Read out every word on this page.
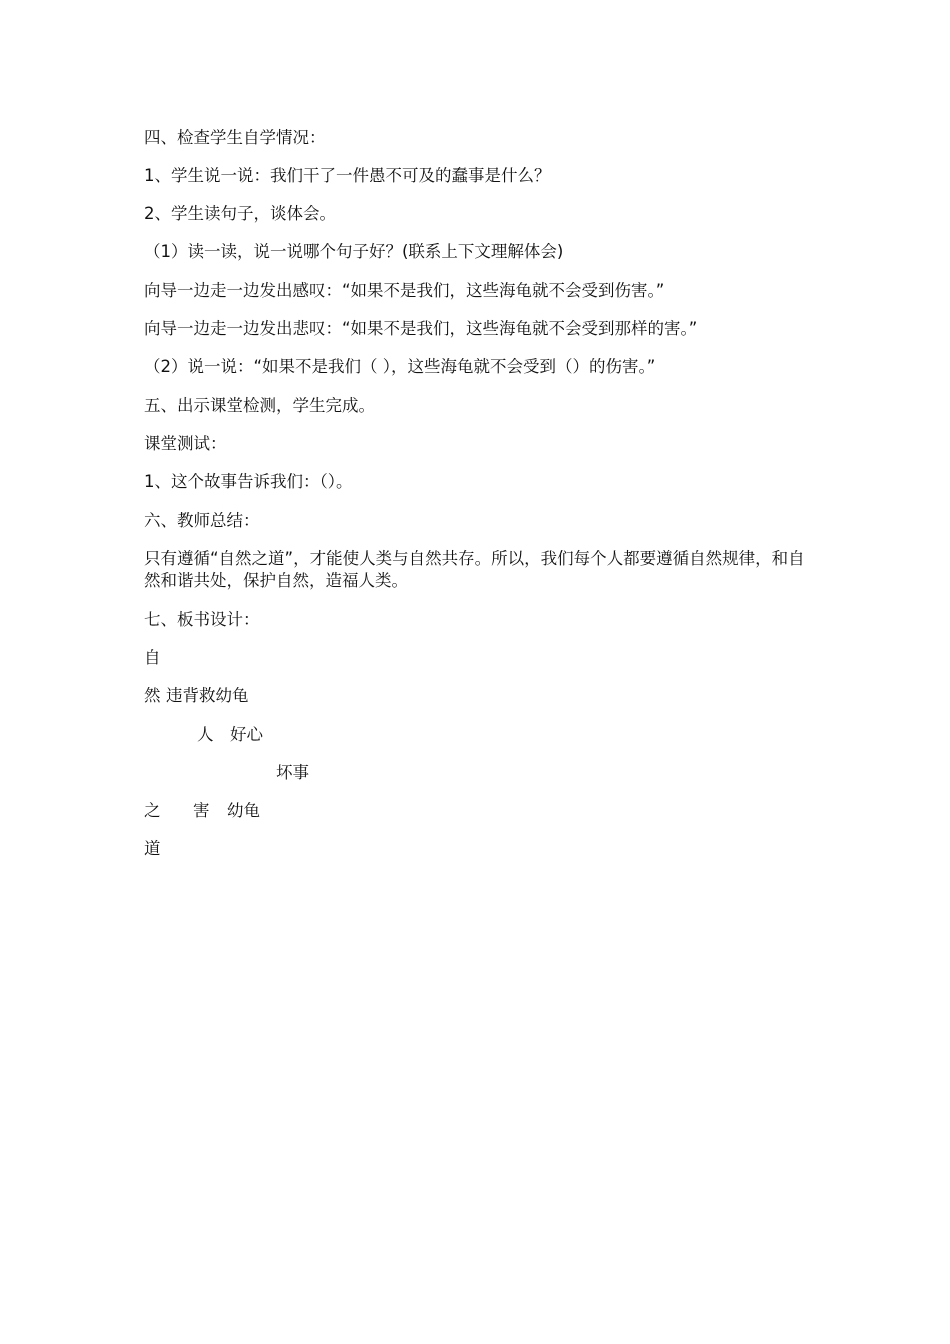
四、检查学生自学情况：
1、学生说一说：我们干了一件愚不可及的蠢事是什么？
2、学生读句子，谈体会。
（1）读一读，说一说哪个句子好？(联系上下文理解体会)
向导一边走一边发出感叹：“如果不是我们，这些海龟就不会受到伤害。”
向导一边走一边发出悲叹：“如果不是我们，这些海龟就不会受到那样的害。”
（2）说一说：“如果不是我们（ ），这些海龟就不会受到（）的伤害。”
五、出示课堂检测，学生完成。
课堂测试：
1、这个故事告诉我们：（）。
六、教师总结：
只有遵循“自然之道”，才能使人类与自然共存。所以，我们每个人都要遵循自然规律，和自然和谐共处，保护自然，造福人类。
七、板书设计：
自
然 违背救幼龟
人 好心
坏事
之 害 幼龟
道
